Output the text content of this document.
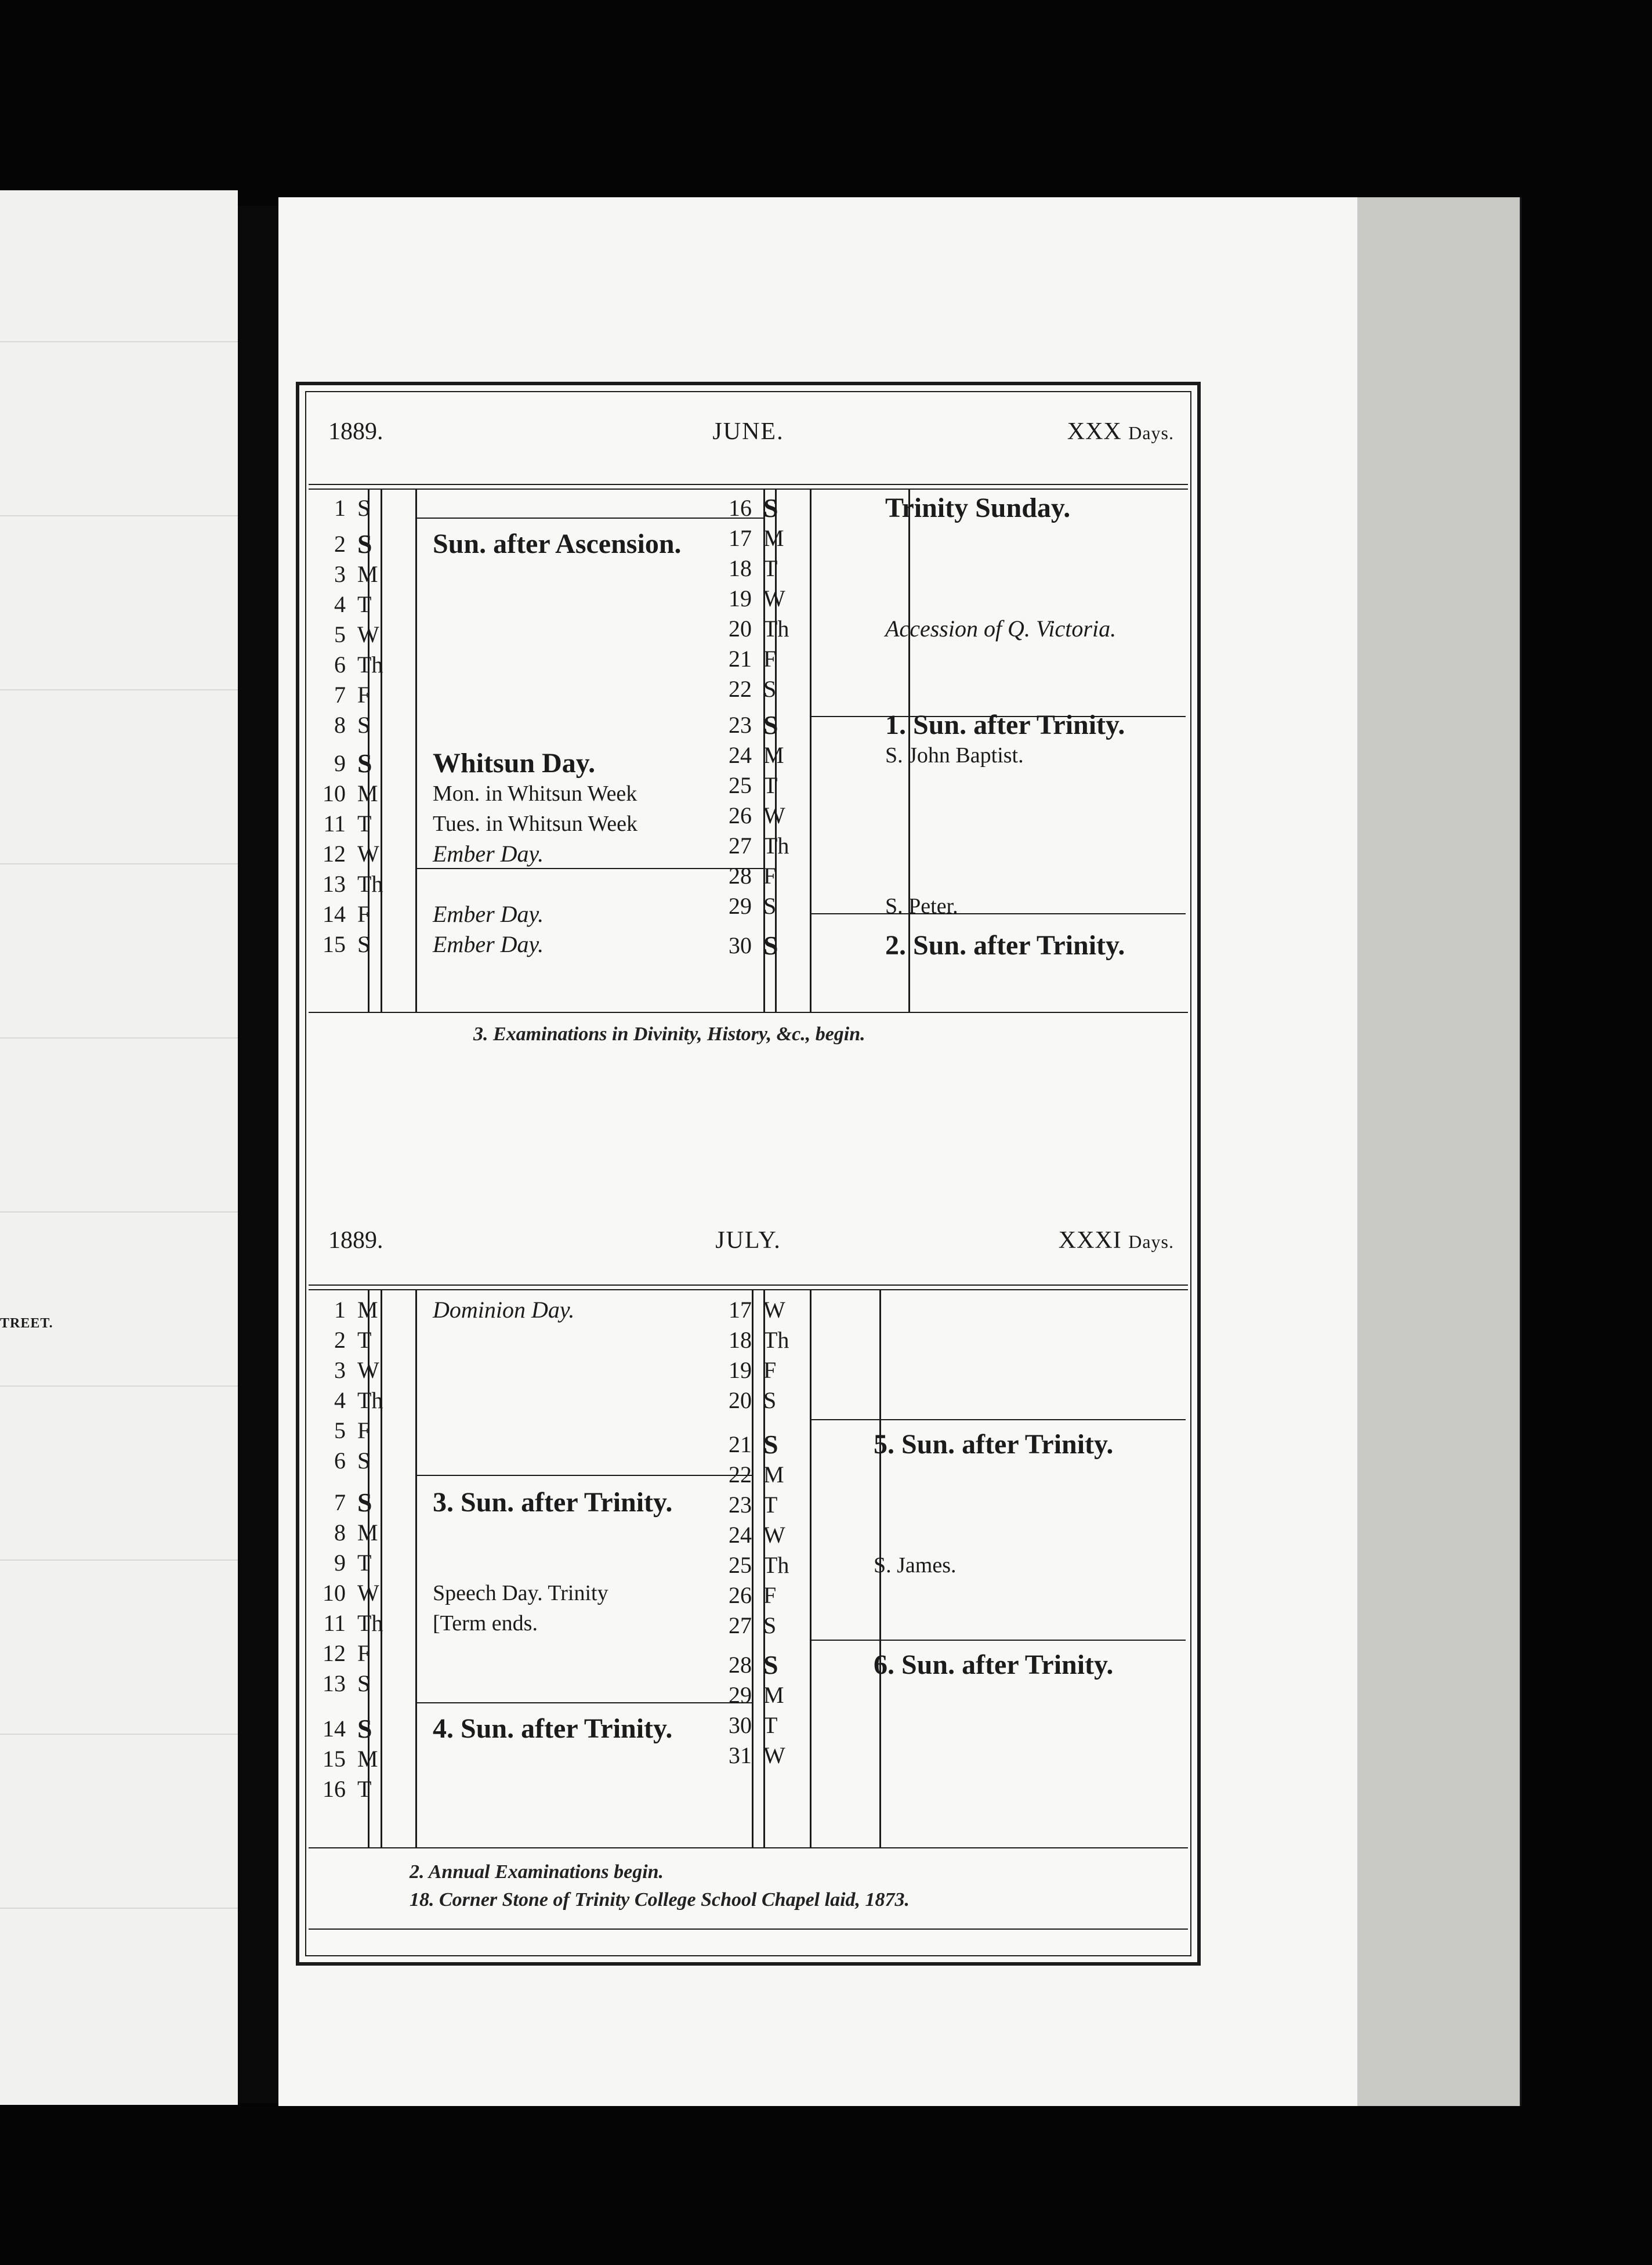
TREET.
1889.	JUNE.	XXX Days.
3. Examinations in Divinity, History, &c., begin.
1889.	JULY.	XXXI Days.
2. Annual Examinations begin.
18. Corner Stone of Trinity College School Chapel laid, 1873.
1 S
2 S Sun. after Ascension.
3 M
4 T
5 W
6 Th
7 F
8 S
9 S Whitsun Day.
10 M Mon. in Whitsun Week
11 T	Tues. in Whitsun Week
12 W Ember Day.
13 Th
14 F	Ember Day.
15 S	Ember Day.
16 S	Trinity Sunday.
17 M
18 T
19 W
20 Th	Accession of Q. Victoria.
21 F
22 S
23 S	1. Sun. after Trinity.
24 M	S. John Baptist.
25 T
26 W
27 Th
28 F
29 S	S. Peter.
30 S	2. Sun. after Trinity.
1 M Dominion Day.
2 T
3 W
4 Th
5 F
6 S
7 S 3. Sun. after Trinity.
8 M
9 T
10 W Speech Day. Trinity
11 Th [Term ends.
12 F
13 S
14 S 4. Sun. after Trinity.
15 M
16 T
17 W
18 Th
19 F
20 S
21 S	5. Sun. after Trinity.
22 M
23 T
24 W
25 Th	S. James.
26 F
27 S
28 S	6. Sun. after Trinity.
29 M
30 T
31 W
